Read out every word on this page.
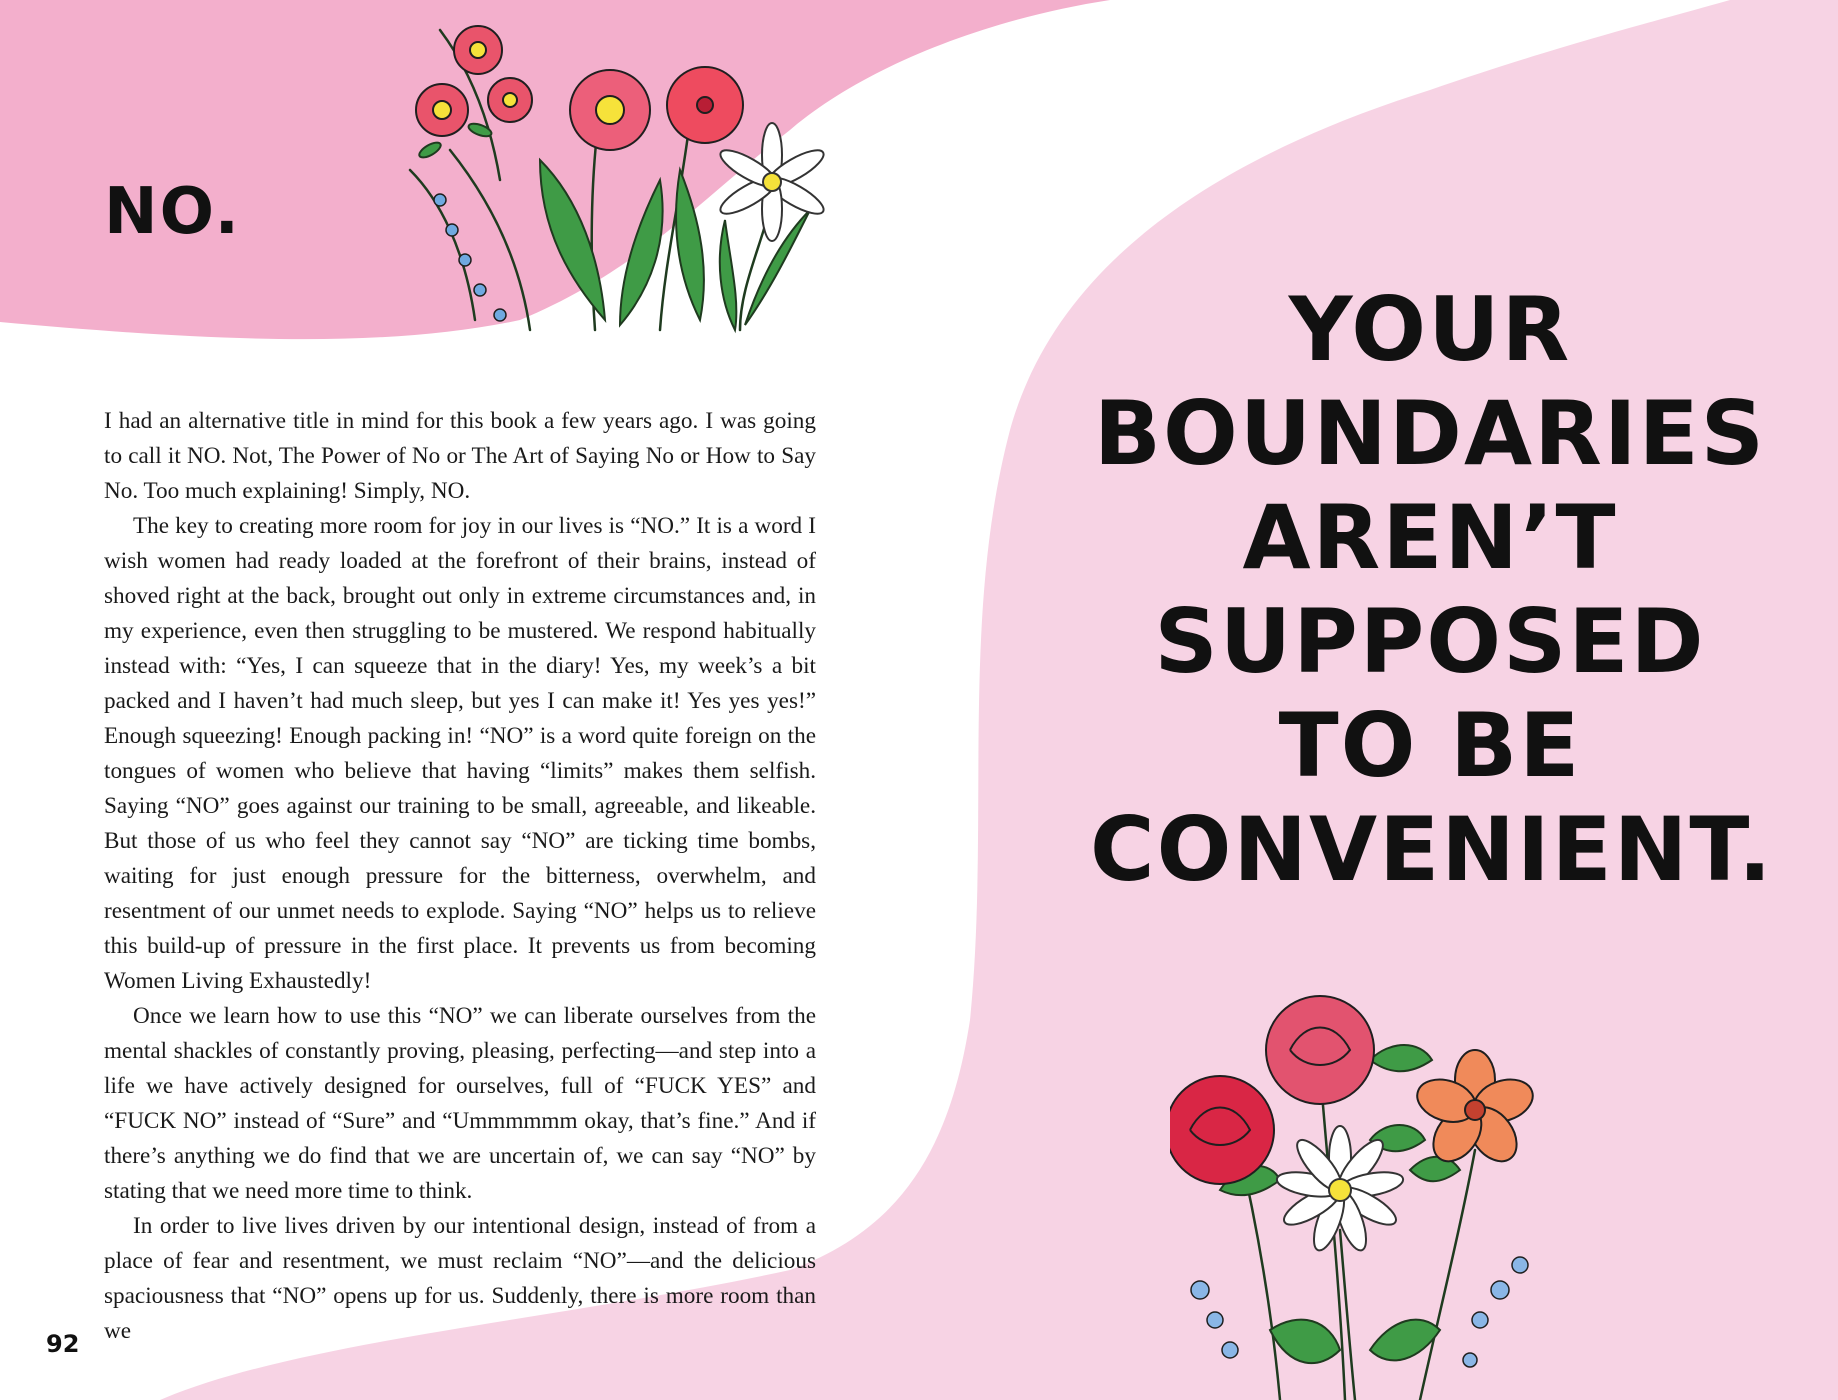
NO.

I had an alternative title in mind for this book a few years ago. I was going to call it NO. Not, The Power of No or The Art of Saying No or How to Say No. Too much explaining! Simply, NO.

The key to creating more room for joy in our lives is “NO.” It is a word I wish women had ready loaded at the forefront of their brains, instead of shoved right at the back, brought out only in extreme circumstances and, in my experience, even then struggling to be mustered. We respond habitually instead with: “Yes, I can squeeze that in the diary! Yes, my week’s a bit packed and I haven’t had much sleep, but yes I can make it! Yes yes yes!” Enough squeezing! Enough packing in! “NO” is a word quite foreign on the tongues of women who believe that having “limits” makes them selfish. Saying “NO” goes against our training to be small, agreeable, and likeable. But those of us who feel they cannot say “NO” are ticking time bombs, waiting for just enough pressure for the bitterness, overwhelm, and resentment of our unmet needs to explode. Saying “NO” helps us to relieve this build-up of pressure in the first place. It prevents us from becoming Women Living Exhaustedly!

Once we learn how to use this “NO” we can liberate ourselves from the mental shackles of constantly proving, pleasing, perfecting—and step into a life we have actively designed for ourselves, full of “FUCK YES” and “FUCK NO” instead of “Sure” and “Ummmmmm okay, that’s fine.” And if there’s anything we do find that we are uncertain of, we can say “NO” by stating that we need more time to think.

In order to live lives driven by our intentional design, instead of from a place of fear and resentment, we must reclaim “NO”—and the delicious spaciousness that “NO” opens up for us. Suddenly, there is more room than we

92
YOUR
BOUNDARIES
AREN’T
SUPPOSED
TO BE
CONVENIENT.
